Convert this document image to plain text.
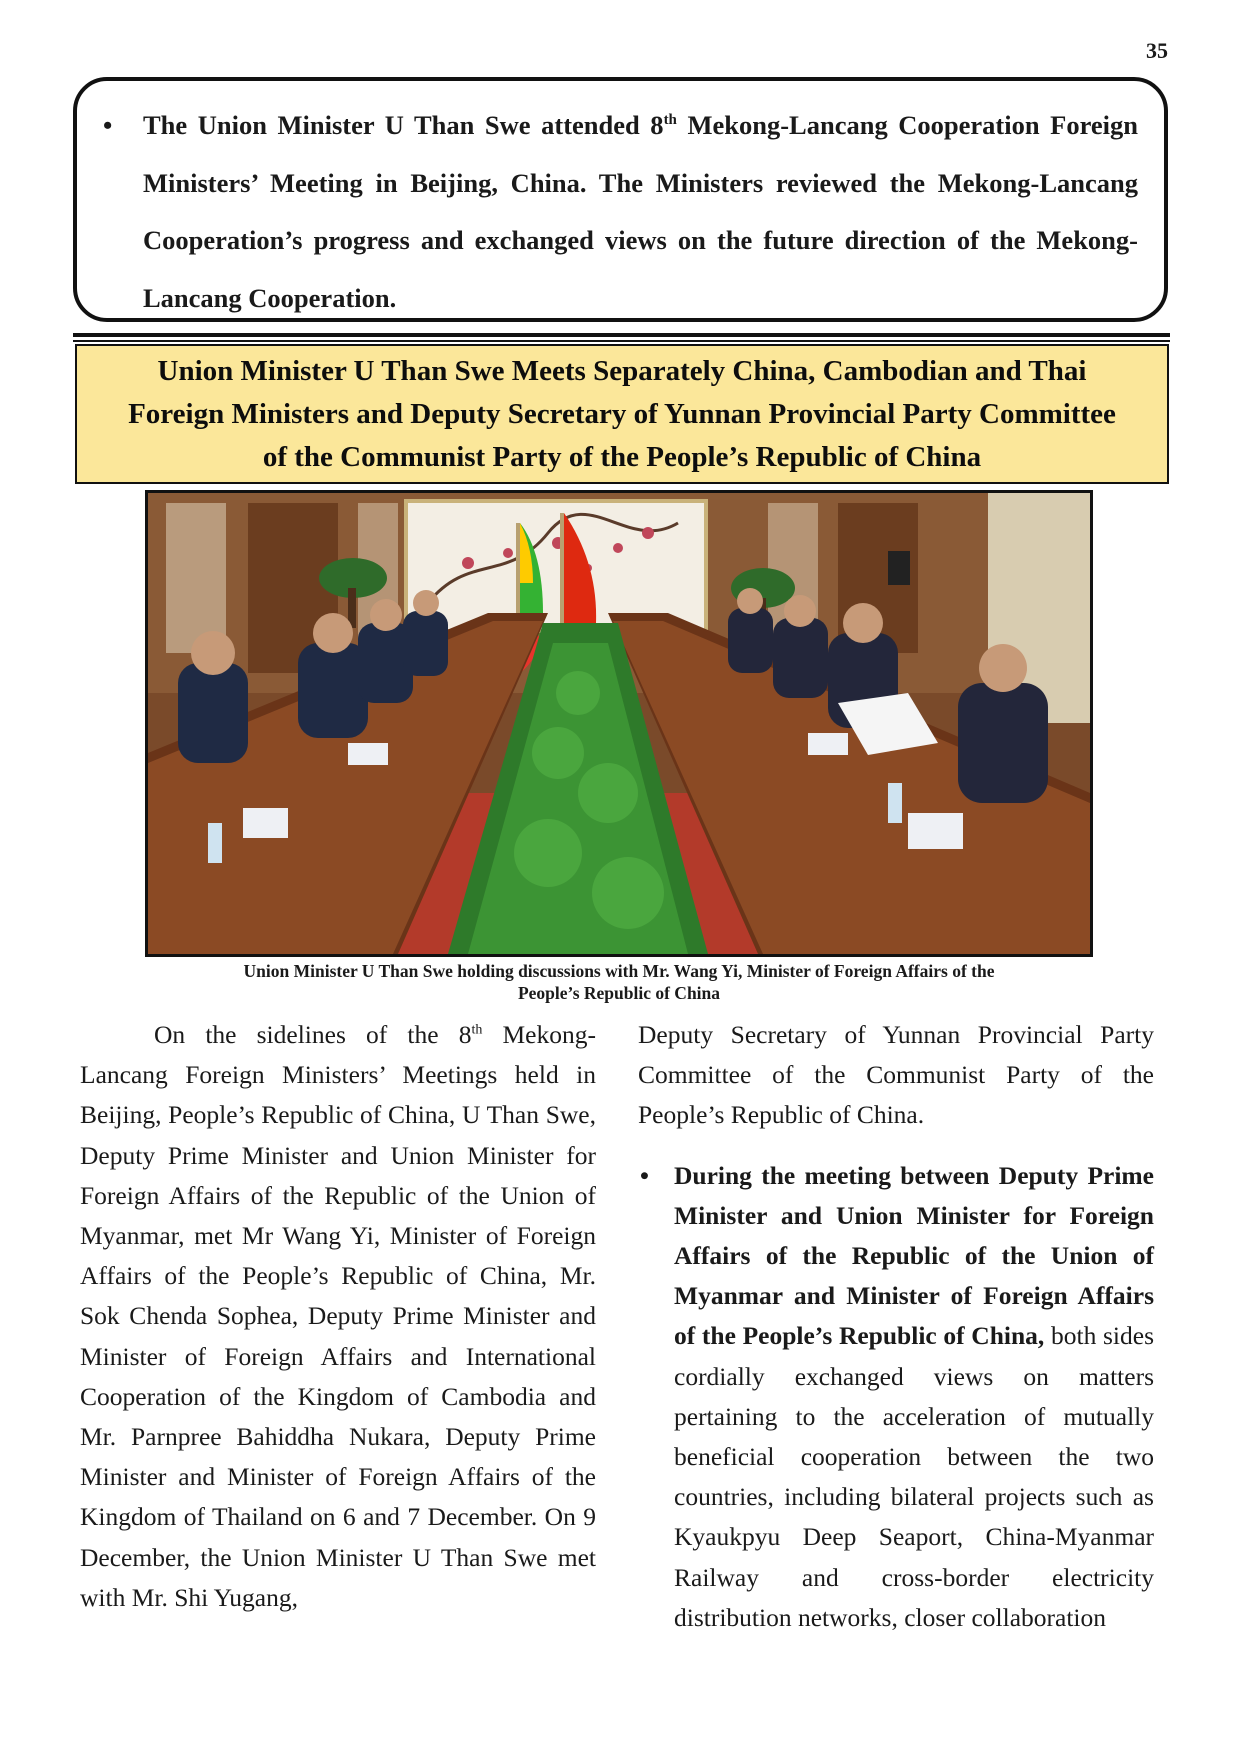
35
• The Union Minister U Than Swe attended 8th Mekong-Lancang Cooperation Foreign Ministers’ Meeting in Beijing, China. The Ministers reviewed the Mekong-Lancang Cooperation’s progress and exchanged views on the future direction of the Mekong-Lancang Cooperation.
Union Minister U Than Swe Meets Separately China, Cambodian and Thai
Foreign Ministers and Deputy Secretary of Yunnan Provincial Party Committee
of the Communist Party of the People’s Republic of China
Union Minister U Than Swe holding discussions with Mr. Wang Yi, Minister of Foreign Affairs of the
People’s Republic of China

On the sidelines of the 8th Mekong-Lancang Foreign Ministers’ Meetings held in Beijing, People’s Republic of China, U Than Swe, Deputy Prime Minister and Union Minister for Foreign Affairs of the Republic of the Union of Myanmar, met Mr Wang Yi, Minister of Foreign Affairs of the People’s Republic of China, Mr. Sok Chenda Sophea, Deputy Prime Minister and Minister of Foreign Affairs and International Cooperation of the Kingdom of Cambodia and Mr. Parnpree Bahiddha Nukara, Deputy Prime Minister and Minister of Foreign Affairs of the Kingdom of Thailand on 6 and 7 December. On 9 December, the Union Minister U Than Swe met with Mr. Shi Yugang,

Deputy Secretary of Yunnan Provincial Party Committee of the Communist Party of the People’s Republic of China.

• During the meeting between Deputy Prime Minister and Union Minister for Foreign Affairs of the Republic of the Union of Myanmar and Minister of Foreign Affairs of the People’s Republic of China, both sides cordially exchanged views on matters pertaining to the acceleration of mutually beneficial cooperation between the two countries, including bilateral projects such as Kyaukpyu Deep Seaport, China-Myanmar Railway and cross-border electricity distribution networks, closer collaboration
